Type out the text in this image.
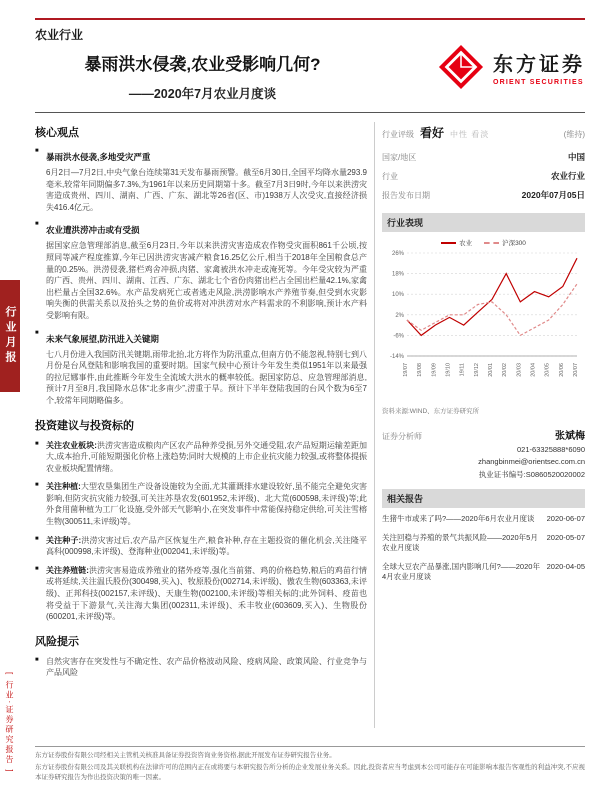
行业月报
[ 行业·证券研究报告 ]
农业行业
东方证券
ORIENT SECURITIES
暴雨洪水侵袭,农业受影响几何?
——2020年7月农业月度谈
核心观点
■
暴雨洪水侵袭,多地受灾严重

6月2日—7月2日,中央气象台连续第31天发布暴雨预警。截至6月30日,全国平均降水量293.9毫米,较常年同期偏多7.3%,为1961年以来历史同期第十多。截至7月3日9时,今年以来洪涝灾害造成贵州、四川、湖南、广西、广东、湖北等26省(区、市)1938万人次受灾,直接经济损失416.4亿元。

■
农业遭洪涝冲击或有受损

据国家应急管理部消息,截至6月23日,今年以来洪涝灾害造成农作物受灾面积861千公顷,按照同等减产程度推算,今年已因洪涝灾害减产粮食16.25亿公斤,相当于2018年全国粮食总产量的0.25%。洪涝侵袭,猪栏鸡舍冲损,肉猪、家禽被洪水冲走或淹死等。今年受灾较为严重的广西、贵州、四川、湖南、江西、广东、湖北七个省份肉猪出栏占全国出栏量42.1%,家禽出栏量占全国32.6%。水产品发病死亡或者逃走风险,洪涝影响水产养殖节奏,但受到水灾影响失衡的供需关系以及抬头之势的鱼价或将对冲洪涝对水产料需求的不利影响,预计水产料受影响有限。

■
未来气象展望,防汛进入关键期

七八月份进入我国防汛关键期,雨带北抬,北方将作为防汛重点,但南方仍不能忽视,特别七到八月份是台风登陆和影响我国的重要时期。国家气候中心预计今年发生类似1951年以来最强的拉尼娜事件,由此推断今年发生全流域大洪水的概率较低。据国家防总、应急管理部消息,预计7月至8月,我国降水总体“北多南少”,涝重于旱。预计下半年登陆我国的台风个数为6至7个,较常年同期略偏多。

投资建议与投资标的
■ 关注农业板块:洪涝灾害造成粮肉产区农产品种养受损,另外交通受阻,农产品短期运输差距加大,成本抬升,可能短期强化价格上涨趋势;同时大规模的上市企业抗灾能力较强,或将整体提振农业板块配置情绪。

■ 关注种植:大型农垦集团生产设备设施较为全面,尤其灌溉排水建设较好,虽不能完全避免灾害影响,但防灾抗灾能力较强,可关注苏垦农发(601952,未评级)、北大荒(600598,未评级)等;此外食用菌种植为工厂化设施,受外部天气影响小,在突发事件中常能保持稳定供给,可关注雪榕生物(300511,未评级)等。

■ 关注种子:洪涝灾害过后,农产品产区恢复生产,粮食补种,存在主题投资的催化机会,关注隆平高科(000998,未评级)、登海种业(002041,未评级)等。

■ 关注养殖链:洪涝灾害易造成养殖业的猪外疫等,强化当前猪、鸡的价格趋势,粮后的鸡苗行情或将延续,关注温氏股份(300498,买入)、牧原股份(002714,未评级)、傲农生物(603363,未评级)、正邦科技(002157,未评级)、天康生物(002100,未评级)等相关标的;此外饲料、疫苗也将受益于下游景气,关注海大集团(002311,未评级)、禾丰牧业(603609,买入)、生物股份(600201,未评级)等。

风险提示
■ 自然灾害存在突发性与不确定性、农产品价格波动风险、疫病风险、政策风险、行业竞争与产品风险

行业评级 看好 中性 看淡	(维持)
国家/地区	中国
行业	农业行业
报告发布日期	2020年07月05日
行业表现
农业	沪深300
26%
18%
10%
2%
-6%
-14%
19/07 19/08 19/09 19/10 19/11 19/12 20/01 20/02 20/03 20/04 20/05 20/06 20/07
资料来源:WIND、东方证券研究所
证券分析师	张斌梅
021-63325888*6090
zhangbinmei@orientsec.com.cn
执业证书编号:S0860520020002
相关报告
生猪牛市或来了吗?——2020年6月农业月度谈	2020-06-07
关注回稳与养殖的景气共振风险——2020年5月农业月度谈
2020-05-07
全球大豆农产品暴涨,国内影响几何?——2020年4月农业月度谈
2020-04-05

东方证券股份有限公司经相关主管机关核准具备证券投资咨询业务资格,据此开展发布证券研究报告业务。

东方证券股份有限公司及其关联机构在法律许可的范围内正在或将要与本研究报告所分析的企业发展业务关系。因此,投资者应当考虑到本公司可能存在可能影响本报告客观性的利益冲突,不应视本证券研究报告为作出投资决策的唯一因素。
